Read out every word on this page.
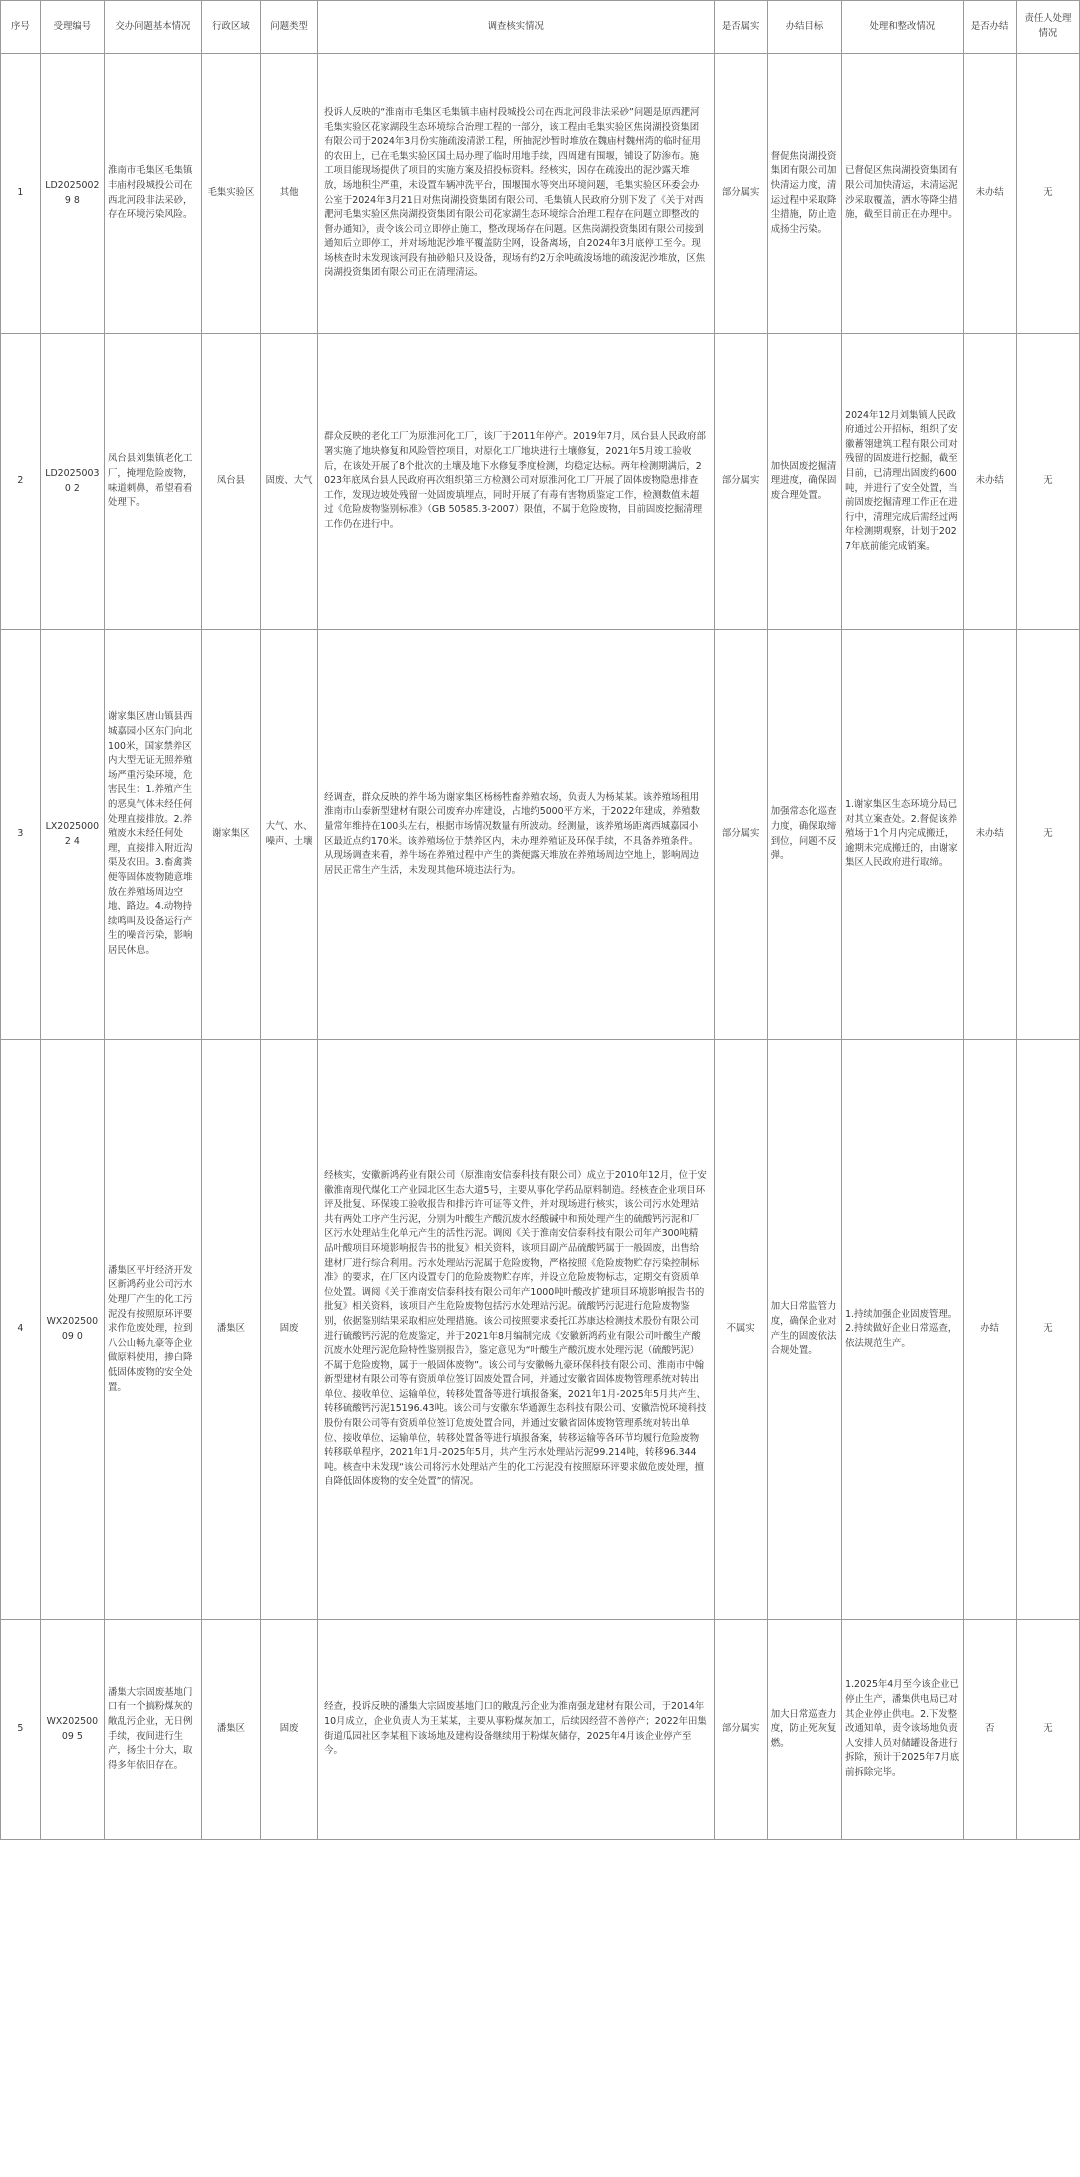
序号	受理编号	交办问题基本情况	行政区域	问题类型	调查核实情况	是否属实	办结目标	处理和整改情况	是否办结	责任人处理情况
1	LD20250029 8	淮南市毛集区毛集镇丰庙村段城投公司在西北河段非法采砂，存在环境污染风险。	毛集实验区	其他	投诉人反映的“淮南市毛集区毛集镇丰庙村段城投公司在西北河段非法采砂”问题是原西淝河毛集实验区花家湖段生态环境综合治理工程的一部分，该工程由毛集实验区焦岗湖投资集团有限公司于2024年3月份实施疏浚清淤工程，所抽泥沙暂时堆放在魏庙村魏州湾的临时征用的农田上，已在毛集实验区国土局办理了临时用地手续，四周建有围堰，铺设了防渗布。施工项目能现场提供了项目的实施方案及招投标资料。经核实，因存在疏浚出的泥沙露天堆放，场地积尘严重，未设置车辆冲洗平台，围堰围水等突出环境问题，毛集实验区环委会办公室于2024年3月21日对焦岗湖投资集团有限公司、毛集镇人民政府分别下发了《关于对西淝河毛集实验区焦岗湖投资集团有限公司花家湖生态环境综合治理工程存在问题立即整改的督办通知》，责令该公司立即停止施工，整改现场存在问题。区焦岗湖投资集团有限公司接到通知后立即停工，并对场地泥沙堆平覆盖防尘网，设备离场，自2024年3月底停工至今。现场核查时未发现该河段有抽砂船只及设备，现场有约2万余吨疏浚场地的疏浚泥沙堆放，区焦岗湖投资集团有限公司正在清理清运。	部分属实	督促焦岗湖投资集团有限公司加快清运力度，清运过程中采取降尘措施，防止造成扬尘污染。	已督促区焦岗湖投资集团有限公司加快清运，未清运泥沙采取覆盖，洒水等降尘措施，截至目前正在办理中。	未办结	无
2	LD20250030 2	凤台县刘集镇老化工厂，掩埋危险废物，味道刺鼻，希望看看处理下。	凤台县	固废、大气	群众反映的老化工厂为原淮河化工厂，该厂于2011年停产。2019年7月，凤台县人民政府部署实施了地块修复和风险管控项目，对原化工厂地块进行土壤修复，2021年5月竣工验收后，在该处开展了8个批次的土壤及地下水修复季度检测，均稳定达标。两年检测期满后，2023年底凤台县人民政府再次组织第三方检测公司对原淮河化工厂开展了固体废物隐患排查工作，发现边坡处残留一处固废填埋点，同时开展了有毒有害物质鉴定工作，检测数值未超过《危险废物鉴别标准》（GB 50585.3-2007）限值，不属于危险废物，目前固废挖掘清理工作仍在进行中。	部分属实	加快固废挖掘清理进度，确保固废合理处置。	2024年12月刘集镇人民政府通过公开招标，组织了安徽蓄翎建筑工程有限公司对残留的固废进行挖掘，截至目前，已清理出固废约600吨，并进行了安全处置，当前固废挖掘清理工作正在进行中，清理完成后需经过两年检测期观察，计划于2027年底前能完成销案。	未办结	无
3	LX20250002 4	谢家集区唐山镇县西城嘉园小区东门向北100米，国家禁养区内大型无证无照养殖场严重污染环境，危害民生：1.养殖产生的恶臭气体未经任何处理直接排放。2.养殖废水未经任何处理，直接排入附近沟渠及农田。3.畜禽粪便等固体废物随意堆放在养殖场周边空地、路边。4.动物持续鸣叫及设备运行产生的噪音污染，影响居民休息。	谢家集区	大气、水、噪声、土壤	经调查，群众反映的养牛场为谢家集区杨杨牲畜养殖农场，负责人为杨某某。该养殖场租用淮南市山泰新型建材有限公司废弃办库建设，占地约5000平方米，于2022年建成，养殖数量常年维持在100头左右，根据市场情况数量有所波动。经测量，该养殖场距离西城嘉园小区最近点约170米。该养殖场位于禁养区内，未办理养殖证及环保手续，不具备养殖条件。从现场调查来看，养牛场在养殖过程中产生的粪便露天堆放在养殖场周边空地上，影响周边居民正常生产生活，未发现其他环境违法行为。	部分属实	加强常态化巡查力度，确保取缔到位，问题不反弹。	1.谢家集区生态环境分局已对其立案查处。2.督促该养殖场于1个月内完成搬迁，逾期未完成搬迁的，由谢家集区人民政府进行取缔。	未办结	无
4	WX20250009 0	潘集区平圩经济开发区新鸿药业公司污水处理厂产生的化工污泥没有按照原环评要求作危废处理，拉到八公山畅九豪等企业做原料使用，掺白降低固体废物的安全处置。	潘集区	固废	经核实，安徽新鸿药业有限公司（原淮南安信泰科技有限公司）成立于2010年12月，位于安徽淮南现代煤化工产业园北区生态大道5号，主要从事化学药品原料制造。经核查企业项目环评及批复、环保竣工验收报告和排污许可证等文件，并对现场进行核实，该公司污水处理站共有两处工序产生污泥，分别为叶酸生产酸沉废水经酸碱中和预处理产生的硫酸钙污泥和厂区污水处理站生化单元产生的活性污泥。调阅《关于淮南安信泰科技有限公司年产300吨精品叶酸项目环境影响报告书的批复》相关资料，该项目副产品硫酸钙属于一般固废，出售给建材厂进行综合利用。污水处理站污泥属于危险废物，严格按照《危险废物贮存污染控制标准》的要求，在厂区内设置专门的危险废物贮存库，并设立危险废物标志，定期交有资质单位处置。调阅《关于淮南安信泰科技有限公司年产1000吨叶酸改扩建项目环境影响报告书的批复》相关资料，该项目产生危险废物包括污水处理站污泥。硫酸钙污泥进行危险废物鉴别，依据鉴别结果采取相应处理措施。该公司按照要求委托江苏康达检测技术股份有限公司进行硫酸钙污泥的危废鉴定，并于2021年8月编制完成《安徽新鸿药业有限公司叶酸生产酸沉废水处理污泥危险特性鉴别报告》，鉴定意见为“叶酸生产酸沉废水处理污泥（硫酸钙泥）不属于危险废物，属于一般固体废物”。该公司与安徽畅九豪环保科技有限公司、淮南市中翰新型建材有限公司等有资质单位签订固废处置合同，并通过安徽省固体废物管理系统对转出单位、接收单位、运输单位，转移处置备等进行填报备案，2021年1月-2025年5月共产生、转移硫酸钙污泥15196.43吨。该公司与安徽东华通源生态科技有限公司、安徽浩悦环境科技股份有限公司等有资质单位签订危废处置合同，并通过安徽省固体废物管理系统对转出单位、接收单位、运输单位，转移处置备等进行填报备案，转移运输等各环节均履行危险废物转移联单程序，2021年1月-2025年5月，共产生污水处理站污泥99.214吨，转移96.344吨。核查中未发现“该公司将污水处理站产生的化工污泥没有按照原环评要求做危废处理，擅自降低固体废物的安全处置”的情况。	不属实	加大日常监管力度，确保企业对产生的固废依法合规处置。	1.持续加强企业固废管理。2.持续做好企业日常巡查，依法规范生产。	办结	无
5	WX20250009 5	潘集大宗固废基地门口有一个搞粉煤灰的敞乱污企业，无日例手续，夜间进行生产，扬尘十分大，取得多年依旧存在。	潘集区	固废	经查，投诉反映的潘集大宗固废基地门口的敞乱污企业为淮南强龙建材有限公司，于2014年10月成立，企业负责人为王某某，主要从事粉煤灰加工，后续因经营不善停产；2022年田集街道瓜园社区李某租下该场地及建构设备继续用于粉煤灰储存，2025年4月该企业停产至今。	部分属实	加大日常巡查力度，防止死灰复燃。	1.2025年4月至今该企业已停止生产，潘集供电局已对其企业停止供电。2.下发整改通知单，责令该场地负责人安排人员对储罐设备进行拆除，预计于2025年7月底前拆除完毕。	否	无
